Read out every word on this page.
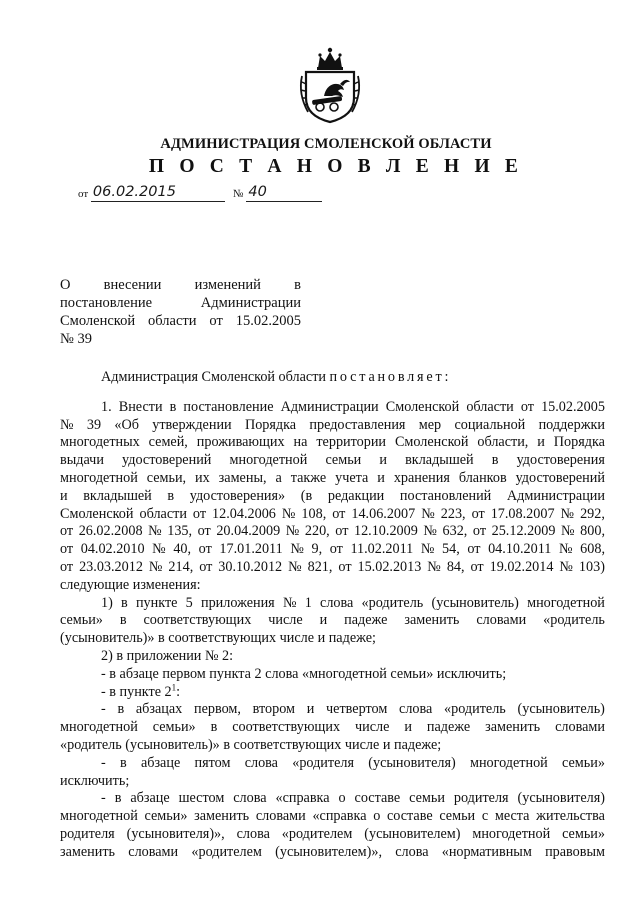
АДМИНИСТРАЦИЯ СМОЛЕНСКОЙ ОБЛАСТИ
П О С Т А Н О В Л Е Н И Е
от 06.02.2015	№ 40
О внесении изменений в
постановление	Администрации
Смоленской области от 15.02.2005
№ 39
Администрация Смоленской области постановляет:
1. Внести в постановление Администрации Смоленской области от 15.02.2005
№ 39 «Об утверждении Порядка предоставления мер социальной поддержки
многодетных семей, проживающих на территории Смоленской области, и Порядка
выдачи удостоверений многодетной семьи и вкладышей в удостоверения
многодетной семьи, их замены, а также учета и хранения бланков удостоверений
и вкладышей в удостоверения» (в редакции постановлений Администрации
Смоленской области от 12.04.2006 № 108, от 14.06.2007 № 223, от 17.08.2007 № 292,
от 26.02.2008 № 135, от 20.04.2009 № 220, от 12.10.2009 № 632, от 25.12.2009 № 800,
от 04.02.2010 № 40, от 17.01.2011 № 9, от 11.02.2011 № 54, от 04.10.2011 № 608,
от 23.03.2012 № 214, от 30.10.2012 № 821, от 15.02.2013 № 84, от 19.02.2014 № 103)
следующие изменения:
1) в пункте 5 приложения № 1 слова «родитель (усыновитель) многодетной
семьи» в соответствующих числе и падеже заменить словами «родитель
(усыновитель)» в соответствующих числе и падеже;
2) в приложении № 2:
- в абзаце первом пункта 2 слова «многодетной семьи» исключить;
- в пункте $2^1$:
- в абзацах первом, втором и четвертом слова «родитель (усыновитель)
многодетной семьи» в соответствующих числе и падеже заменить словами
«родитель (усыновитель)» в соответствующих числе и падеже;
- в абзаце пятом слова «родителя (усыновителя) многодетной семьи»
исключить;
- в абзаце шестом слова «справка о составе семьи родителя (усыновителя)
многодетной семьи» заменить словами «справка о составе семьи с места жительства
родителя (усыновителя)», слова «родителем (усыновителем) многодетной семьи»
заменить словами «родителем (усыновителем)», слова «нормативным правовым
